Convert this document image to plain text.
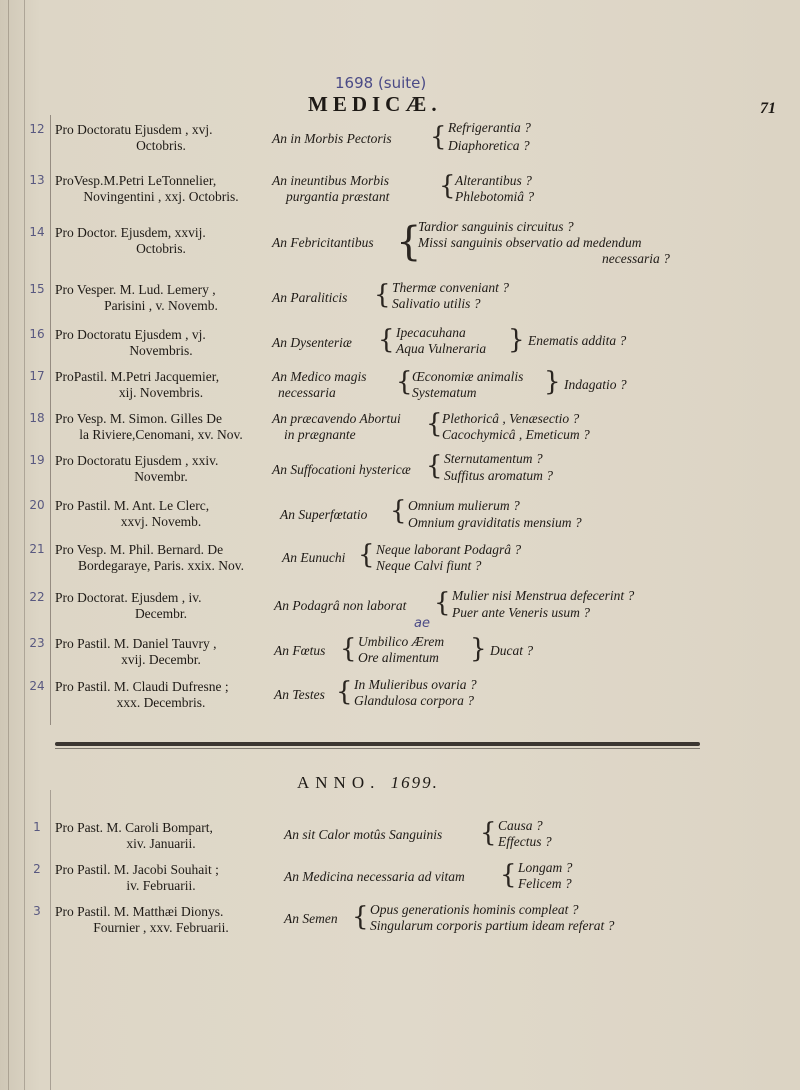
1698 (suite)
MEDICÆ.	71
12 Pro Doctoratu Ejusdem , xvj.
Octobris.	An in Morbis Pectoris { Refrigerantia ?
Diaphoretica ?
13 ProVesp.M.Petri LeTonnelier,
Novingentini , xxj. Octobris.
An ineuntibus Morbis
purgantia præstant { Alterantibus ?
Phlebotomiâ ?
14 Pro Doctor. Ejusdem, xxvij.
Octobris.	An Febricitantibus {
Tardior sanguinis circuitus ?
Missi sanguinis observatio ad medendum
necessaria ?
15 Pro Vesper. M. Lud. Lemery ,
Parisini , v. Novemb.
An Paraliticis { Thermæ conveniant ?
Salivatio utilis ?
16 Pro Doctoratu Ejusdem , vj.
Novembris.
An Dysenteriæ { Ipecacuhana
Aqua Vulneraria } Enematis addita ?
17 ProPastil. M.Petri Jacquemier,
xij. Novembris.
An Medico magis
necessaria { Œconomiæ animalis
Systematum	} Indagatio ?
18 Pro Vesp. M. Simon. Gilles De
la Riviere,Cenomani, xv. Nov.
An præcavendo Abortui
in prægnante	{ Plethoricâ , Venæsectio ?
Cacochymicâ , Emeticum ?
19 Pro Doctoratu Ejusdem , xxiv.
Novembr.	An Suffocationi hystericæ { Sternutamentum ?
Suffitus aromatum ?
20 Pro Pastil. M. Ant. Le Clerc,
xxvj. Novemb.	An Superfœtatio { Omnium mulierum ?
Omnium graviditatis mensium ?
21 Pro Vesp. M. Phil. Bernard. De
Bordegaraye, Paris. xxix. Nov.
An Eunuchi { Neque laborant Podagrâ ?
Neque Calvi fiunt ?
22 Pro Doctorat. Ejusdem , iv.
Decembr.
An Podagrâ non laborat { Mulier nisi Menstrua defecerint ?
Puer ante Veneris usum ?
23 Pro Pastil. M. Daniel Tauvry ,
xvij. Decembr.
ae
An Fœtus { Umbilico Ærem
Ore alimentum } Ducat ?
24 Pro Pastil. M. Claudi Dufresne ;
xxx. Decembris.
An Testes { In Mulieribus ovaria ?
Glandulosa corpora ?
ANNO. 1699.
1	Pro Past. M. Caroli Bompart,
xiv. Januarii.
An sit Calor motûs Sanguinis { Causa ?
Effectus ?
2	Pro Pastil. M. Jacobi Souhait ;
iv. Februarii.
An Medicina necessaria ad vitam { Longam ?
Felicem ?
3	Pro Pastil. M. Matthæi Dionys.
Fournier , xxv. Februarii.
An Semen { Opus generationis hominis compleat ?
Singularum corporis partium ideam referat ?
